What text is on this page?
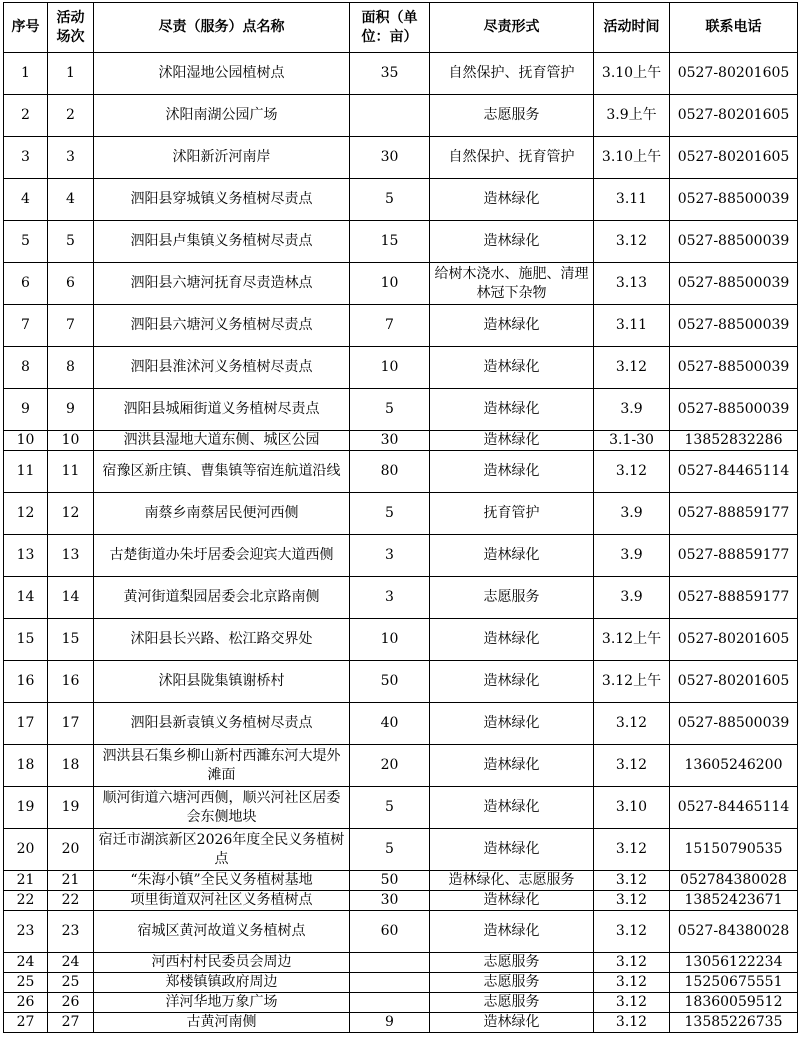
序号	活动场次	尽责（服务）点名称	面积（单位：亩）	尽责形式	活动时间	联系电话
1	1	沭阳湿地公园植树点	35	自然保护、抚育管护	3.10上午	0527-80201605
2	2	沭阳南湖公园广场		志愿服务	3.9上午	0527-80201605
3	3	沭阳新沂河南岸	30	自然保护、抚育管护	3.10上午	0527-80201605
4	4	泗阳县穿城镇义务植树尽责点	5	造林绿化	3.11	0527-88500039
5	5	泗阳县卢集镇义务植树尽责点	15	造林绿化	3.12	0527-88500039
6	6	泗阳县六塘河抚育尽责造林点	10	给树木浇水、施肥、清理林冠下杂物	3.13	0527-88500039
7	7	泗阳县六塘河义务植树尽责点	7	造林绿化	3.11	0527-88500039
8	8	泗阳县淮沭河义务植树尽责点	10	造林绿化	3.12	0527-88500039
9	9	泗阳县城厢街道义务植树尽责点	5	造林绿化	3.9	0527-88500039
10	10	泗洪县湿地大道东侧、城区公园	30	造林绿化	3.1-30	13852832286
11	11	宿豫区新庄镇、曹集镇等宿连航道沿线	80	造林绿化	3.12	0527-84465114
12	12	南蔡乡南蔡居民便河西侧	5	抚育管护	3.9	0527-88859177
13	13	古楚街道办朱圩居委会迎宾大道西侧	3	造林绿化	3.9	0527-88859177
14	14	黄河街道梨园居委会北京路南侧	3	志愿服务	3.9	0527-88859177
15	15	沭阳县长兴路、松江路交界处	10	造林绿化	3.12上午	0527-80201605
16	16	沭阳县陇集镇谢桥村	50	造林绿化	3.12上午	0527-80201605
17	17	泗阳县新袁镇义务植树尽责点	40	造林绿化	3.12	0527-88500039
18	18	泗洪县石集乡柳山新村西濉东河大堤外滩面	20	造林绿化	3.12	13605246200
19	19	顺河街道六塘河西侧，顺兴河社区居委会东侧地块	5	造林绿化	3.10	0527-84465114
20	20	宿迁市湖滨新区2026年度全民义务植树点	5	造林绿化	3.12	15150790535
21	21	“朱海小镇”全民义务植树基地	50	造林绿化、志愿服务	3.12	052784380028
22	22	项里街道双河社区义务植树点	30	造林绿化	3.12	13852423671
23	23	宿城区黄河故道义务植树点	60	造林绿化	3.12	0527-84380028
24	24	河西村村民委员会周边		志愿服务	3.12	13056122234
25	25	郑楼镇镇政府周边		志愿服务	3.12	15250675551
26	26	洋河华地万象广场		志愿服务	3.12	18360059512
27	27	古黄河南侧	9	造林绿化	3.12	13585226735
